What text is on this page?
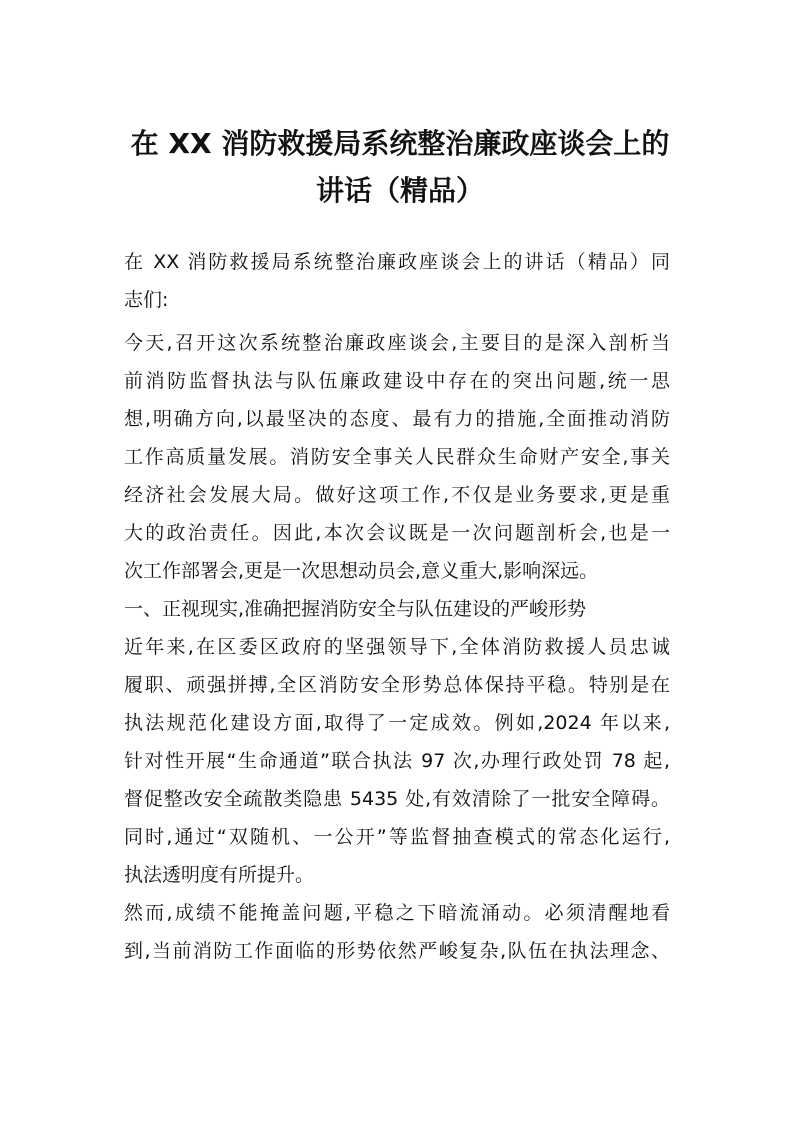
在 XX 消防救援局系统整治廉政座谈会上的
讲话（精品）
在 XX 消防救援局系统整治廉政座谈会上的讲话（精品）同
志们:
今天,召开这次系统整治廉政座谈会,主要目的是深入剖析当
前消防监督执法与队伍廉政建设中存在的突出问题,统一思
想,明确方向,以最坚决的态度、最有力的措施,全面推动消防
工作高质量发展。消防安全事关人民群众生命财产安全,事关
经济社会发展大局。做好这项工作,不仅是业务要求,更是重
大的政治责任。因此,本次会议既是一次问题剖析会,也是一
次工作部署会,更是一次思想动员会,意义重大,影响深远。
一、正视现实,准确把握消防安全与队伍建设的严峻形势
近年来,在区委区政府的坚强领导下,全体消防救援人员忠诚
履职、顽强拼搏,全区消防安全形势总体保持平稳。特别是在
执法规范化建设方面,取得了一定成效。例如,2024 年以来,
针对性开展“生命通道”联合执法 97 次,办理行政处罚 78 起,
督促整改安全疏散类隐患 5435 处,有效清除了一批安全障碍。
同时,通过“双随机、一公开”等监督抽查模式的常态化运行,
执法透明度有所提升。
然而,成绩不能掩盖问题,平稳之下暗流涌动。必须清醒地看
到,当前消防工作面临的形势依然严峻复杂,队伍在执法理念、
